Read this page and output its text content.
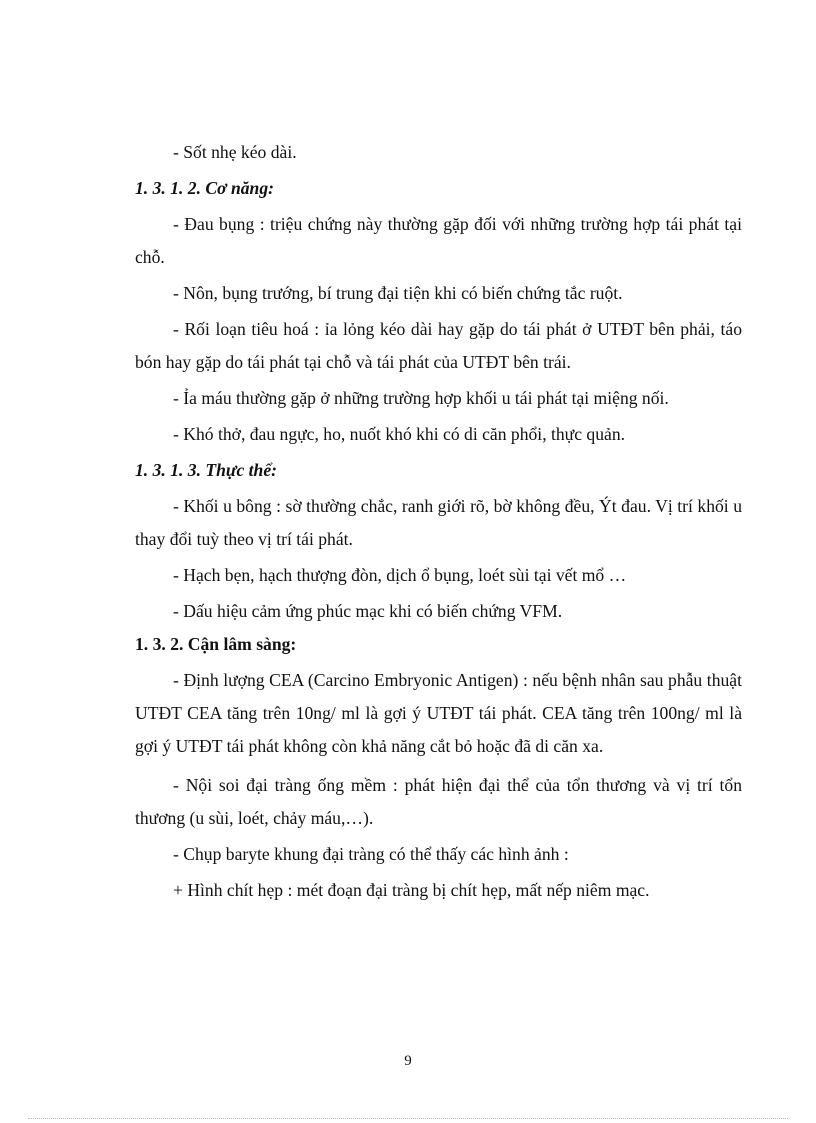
- Sốt nhẹ kéo dài.

1. 3. 1. 2. Cơ năng:

- Đau bụng : triệu chứng này thường gặp đối với những trường hợp tái phát tại chỗ.

- Nôn, bụng trướng, bí trung đại tiện khi có biến chứng tắc ruột.

- Rối loạn tiêu hoá : ỉa lỏng kéo dài hay gặp do tái phát ở UTĐT bên phải, táo bón hay gặp do tái phát tại chỗ và tái phát của UTĐT bên trái.

- Ỉa máu thường gặp ở những trường hợp khối u tái phát tại miệng nối.

- Khó thở, đau ngực, ho, nuốt khó khi có di căn phổi, thực quản.

1. 3. 1. 3. Thực thể:

- Khối u bông : sờ thường chắc, ranh giới rõ, bờ không đều, Ýt đau. Vị trí khối u thay đổi tuỳ theo vị trí tái phát.

- Hạch bẹn, hạch thượng đòn, dịch ổ bụng, loét sùi tại vết mổ …

- Dấu hiệu cảm ứng phúc mạc khi có biến chứng VFM.

1. 3. 2. Cận lâm sàng:

- Định lượng CEA (Carcino Embryonic Antigen) : nếu bệnh nhân sau phẫu thuật UTĐT CEA tăng trên 10ng/ ml là gợi ý UTĐT tái phát. CEA tăng trên 100ng/ ml là gợi ý UTĐT tái phát không còn khả năng cắt bỏ hoặc đã di căn xa.

- Nội soi đại tràng ống mềm : phát hiện đại thể của tổn thương và vị trí tổn thương (u sùi, loét, chảy máu,…).

- Chụp baryte khung đại tràng có thể thấy các hình ảnh :

+ Hình chít hẹp : mét đoạn đại tràng bị chít hẹp, mất nếp niêm mạc.

9
